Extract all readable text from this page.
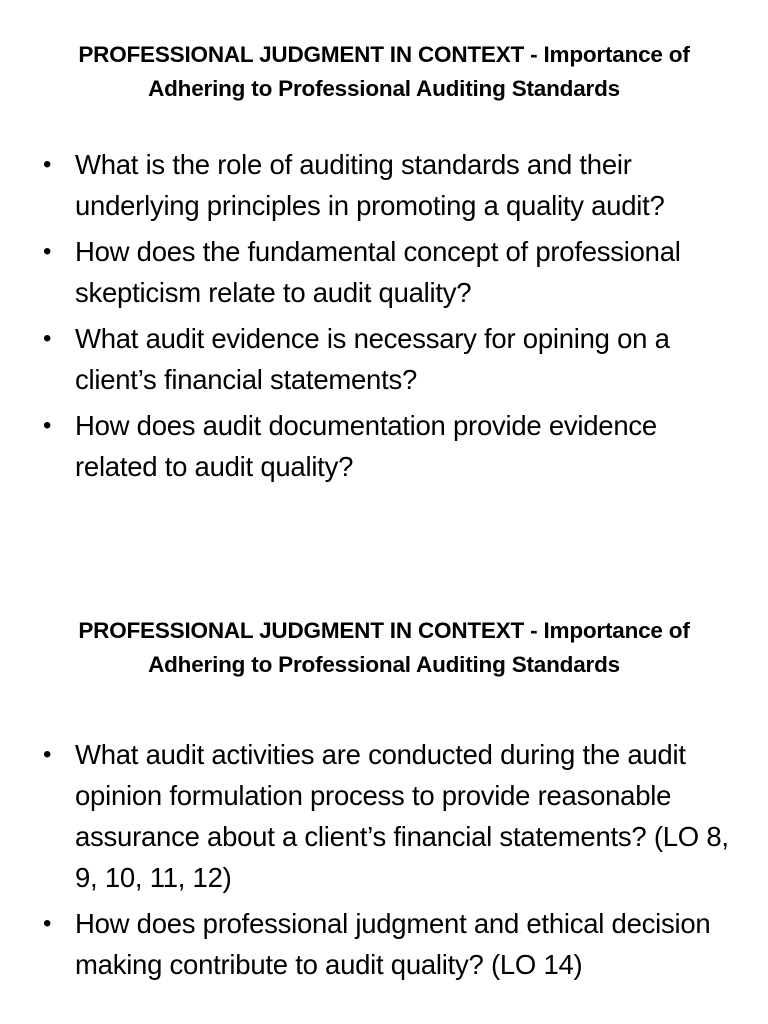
PROFESSIONAL JUDGMENT IN CONTEXT - Importance of Adhering to Professional Auditing Standards
• What is the role of auditing standards and their underlying principles in promoting a quality audit?
• How does the fundamental concept of professional skepticism relate to audit quality?
• What audit evidence is necessary for opining on a client’s financial statements?
• How does audit documentation provide evidence related to audit quality?
PROFESSIONAL JUDGMENT IN CONTEXT - Importance of Adhering to Professional Auditing Standards
• What audit activities are conducted during the audit opinion formulation process to provide reasonable assurance about a client’s financial statements? (LO 8, 9, 10, 11, 12)
• How does professional judgment and ethical decision making contribute to audit quality? (LO 14)
